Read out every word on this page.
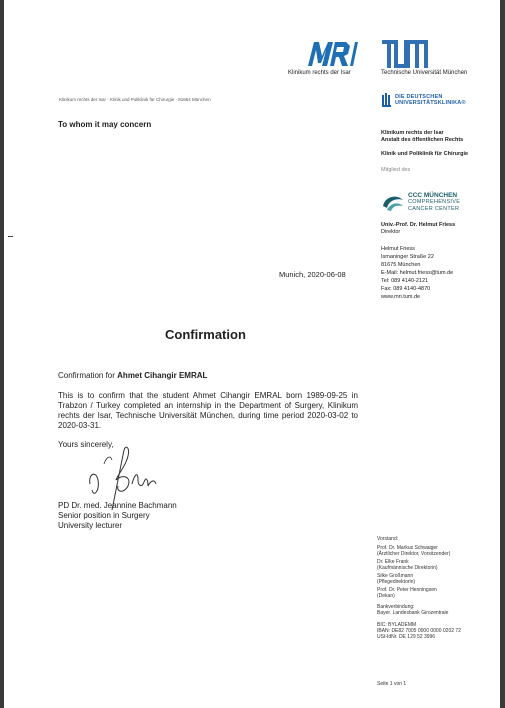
Klinikum rechts der Isar	Technische Universität München
DIE DEUTSCHEN
UNIVERSITÄTSKLINIKA®
Klinikum rechts der Isar · Klinik und Poliklinik für Chirurgie · 81664 München
To whom it may concern
Klinikum rechts der Isar
Anstalt des öffentlichen Rechts
Klinik und Poliklinik für Chirurgie
Mitglied des
CCC MÜNCHEN
COMPREHENSIVE
CANCER CENTER
Univ.-Prof. Dr. Helmut Friess
Direktor
Helmut Friess
Ismaninger Straße 22
81675 München
E-Mail: helmut.friess@tum.de
Tel: 089 4140-2121
Fax: 089 4140-4870
www.mri.tum.de
Munich, 2020-06-08
Confirmation
Confirmation for Ahmet Cihangir EMRAL
This is to confirm that the student Ahmet Cihangir EMRAL born 1989-09-25 in Trabzon / Turkey completed an internship in the Department of Surgery, Klinikum rechts der Isar, Technische Universität München, during time period 2020-03-02 to 2020-03-31.
Yours sincerely,
PD Dr. med. Jeannine Bachmann
Senior position in Surgery
University lecturer
Vorstand:
Prof. Dr. Markus Schwaiger
(Ärztlicher Direktor, Vorsitzender)
Dr. Elke Frank
(Kaufmännische Direktorin)
Silke Großmann
(Pflegedirektorin)
Prof. Dr. Peter Henningsen
(Dekan)
Bankverbindung:
Bayer. Landesbank Girozentrale
BIC: BYLADEMM
IBAN: DE82 7005 0000 0000 0202 72
USt-IdNr. DE 129 52 3996
Seite 1 von 1
